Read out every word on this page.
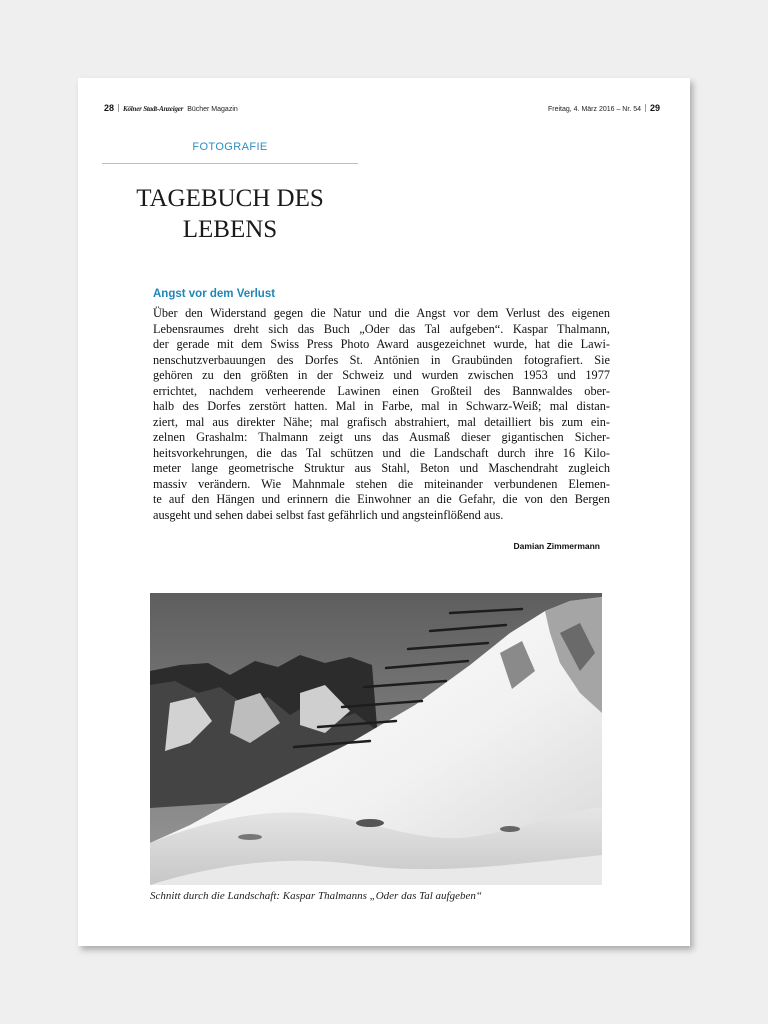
28 Kölner Stadt-Anzeiger Bücher Magazin	Freitag, 4. März 2016 – Nr. 54 29
FOTOGRAFIE
TAGEBUCH DES
LEBENS
Angst vor dem Verlust
Über den Widerstand gegen die Natur und die Angst vor dem Verlust des eigenen
Lebensraumes dreht sich das Buch „Oder das Tal aufgeben“. Kaspar Thalmann,
der gerade mit dem Swiss Press Photo Award ausgezeichnet wurde, hat die Lawi-
nenschutzverbauungen des Dorfes St. Antönien in Graubünden fotografiert. Sie
gehören zu den größten in der Schweiz und wurden zwischen 1953 und 1977
errichtet, nachdem verheerende Lawinen einen Großteil des Bannwaldes ober-
halb des Dorfes zerstört hatten. Mal in Farbe, mal in Schwarz-Weiß; mal distan-
ziert, mal aus direkter Nähe; mal grafisch abstrahiert, mal detailliert bis zum ein-
zelnen Grashalm: Thalmann zeigt uns das Ausmaß dieser gigantischen Sicher-
heitsvorkehrungen, die das Tal schützen und die Landschaft durch ihre 16 Kilo-
meter lange geometrische Struktur aus Stahl, Beton und Maschendraht zugleich
massiv verändern. Wie Mahnmale stehen die miteinander verbundenen Elemen-
te auf den Hängen und erinnern die Einwohner an die Gefahr, die von den Bergen
ausgeht und sehen dabei selbst fast gefährlich und angsteinflößend aus.
Damian Zimmermann
Schnitt durch die Landschaft: Kaspar Thalmanns „Oder das Tal aufgeben“
